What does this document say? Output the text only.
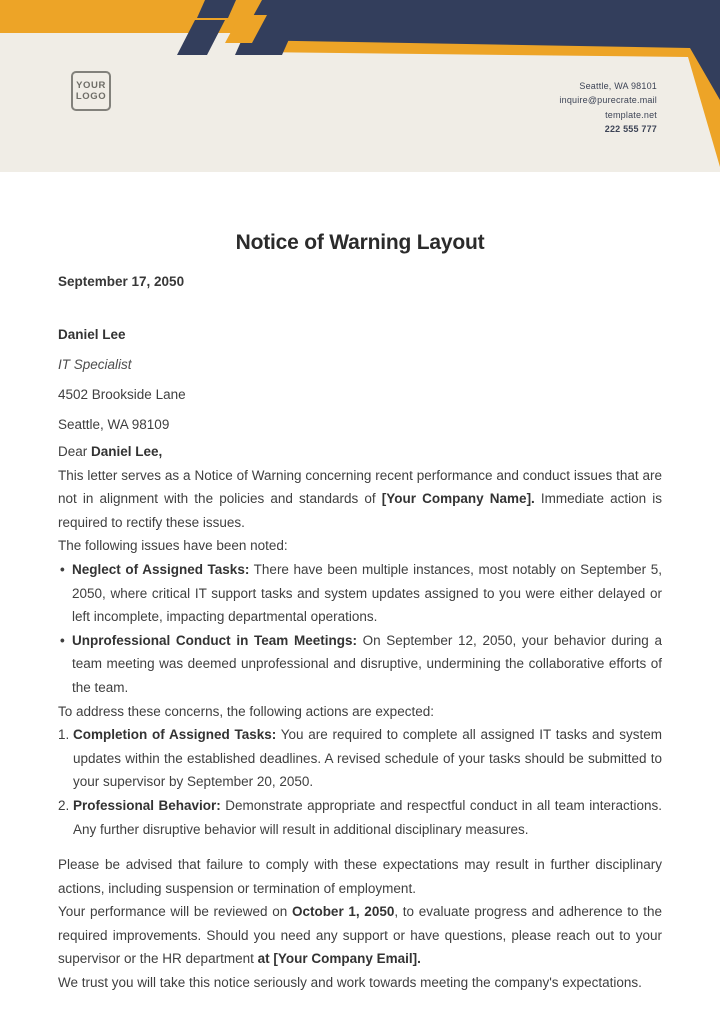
YOUR
LOGO
Seattle, WA 98101
inquire@purecrate.mail
template.net
222 555 777
Notice of Warning Layout

September 17, 2050

Daniel Lee
IT Specialist
4502 Brookside Lane
Seattle, WA 98109

Dear Daniel Lee,

This letter serves as a Notice of Warning concerning recent performance and conduct issues that are not in alignment with the policies and standards of [Your Company Name]. Immediate action is required to rectify these issues.

The following issues have been noted:

• Neglect of Assigned Tasks: There have been multiple instances, most notably on September 5, 2050, where critical IT support tasks and system updates assigned to you were either delayed or left incomplete, impacting departmental operations.
• Unprofessional Conduct in Team Meetings: On September 12, 2050, your behavior during a team meeting was deemed unprofessional and disruptive, undermining the collaborative efforts of the team.

To address these concerns, the following actions are expected:

Completion of Assigned Tasks: You are required to complete all assigned IT tasks and system updates within the established deadlines. A revised schedule of your tasks should be submitted to your supervisor by September 20, 2050.
Professional Behavior: Demonstrate appropriate and respectful conduct in all team interactions. Any further disruptive behavior will result in additional disciplinary measures.

Please be advised that failure to comply with these expectations may result in further disciplinary actions, including suspension or termination of employment.

Your performance will be reviewed on October 1, 2050, to evaluate progress and adherence to the required improvements. Should you need any support or have questions, please reach out to your supervisor or the HR department at [Your Company Email].

We trust you will take this notice seriously and work towards meeting the company's expectations.
